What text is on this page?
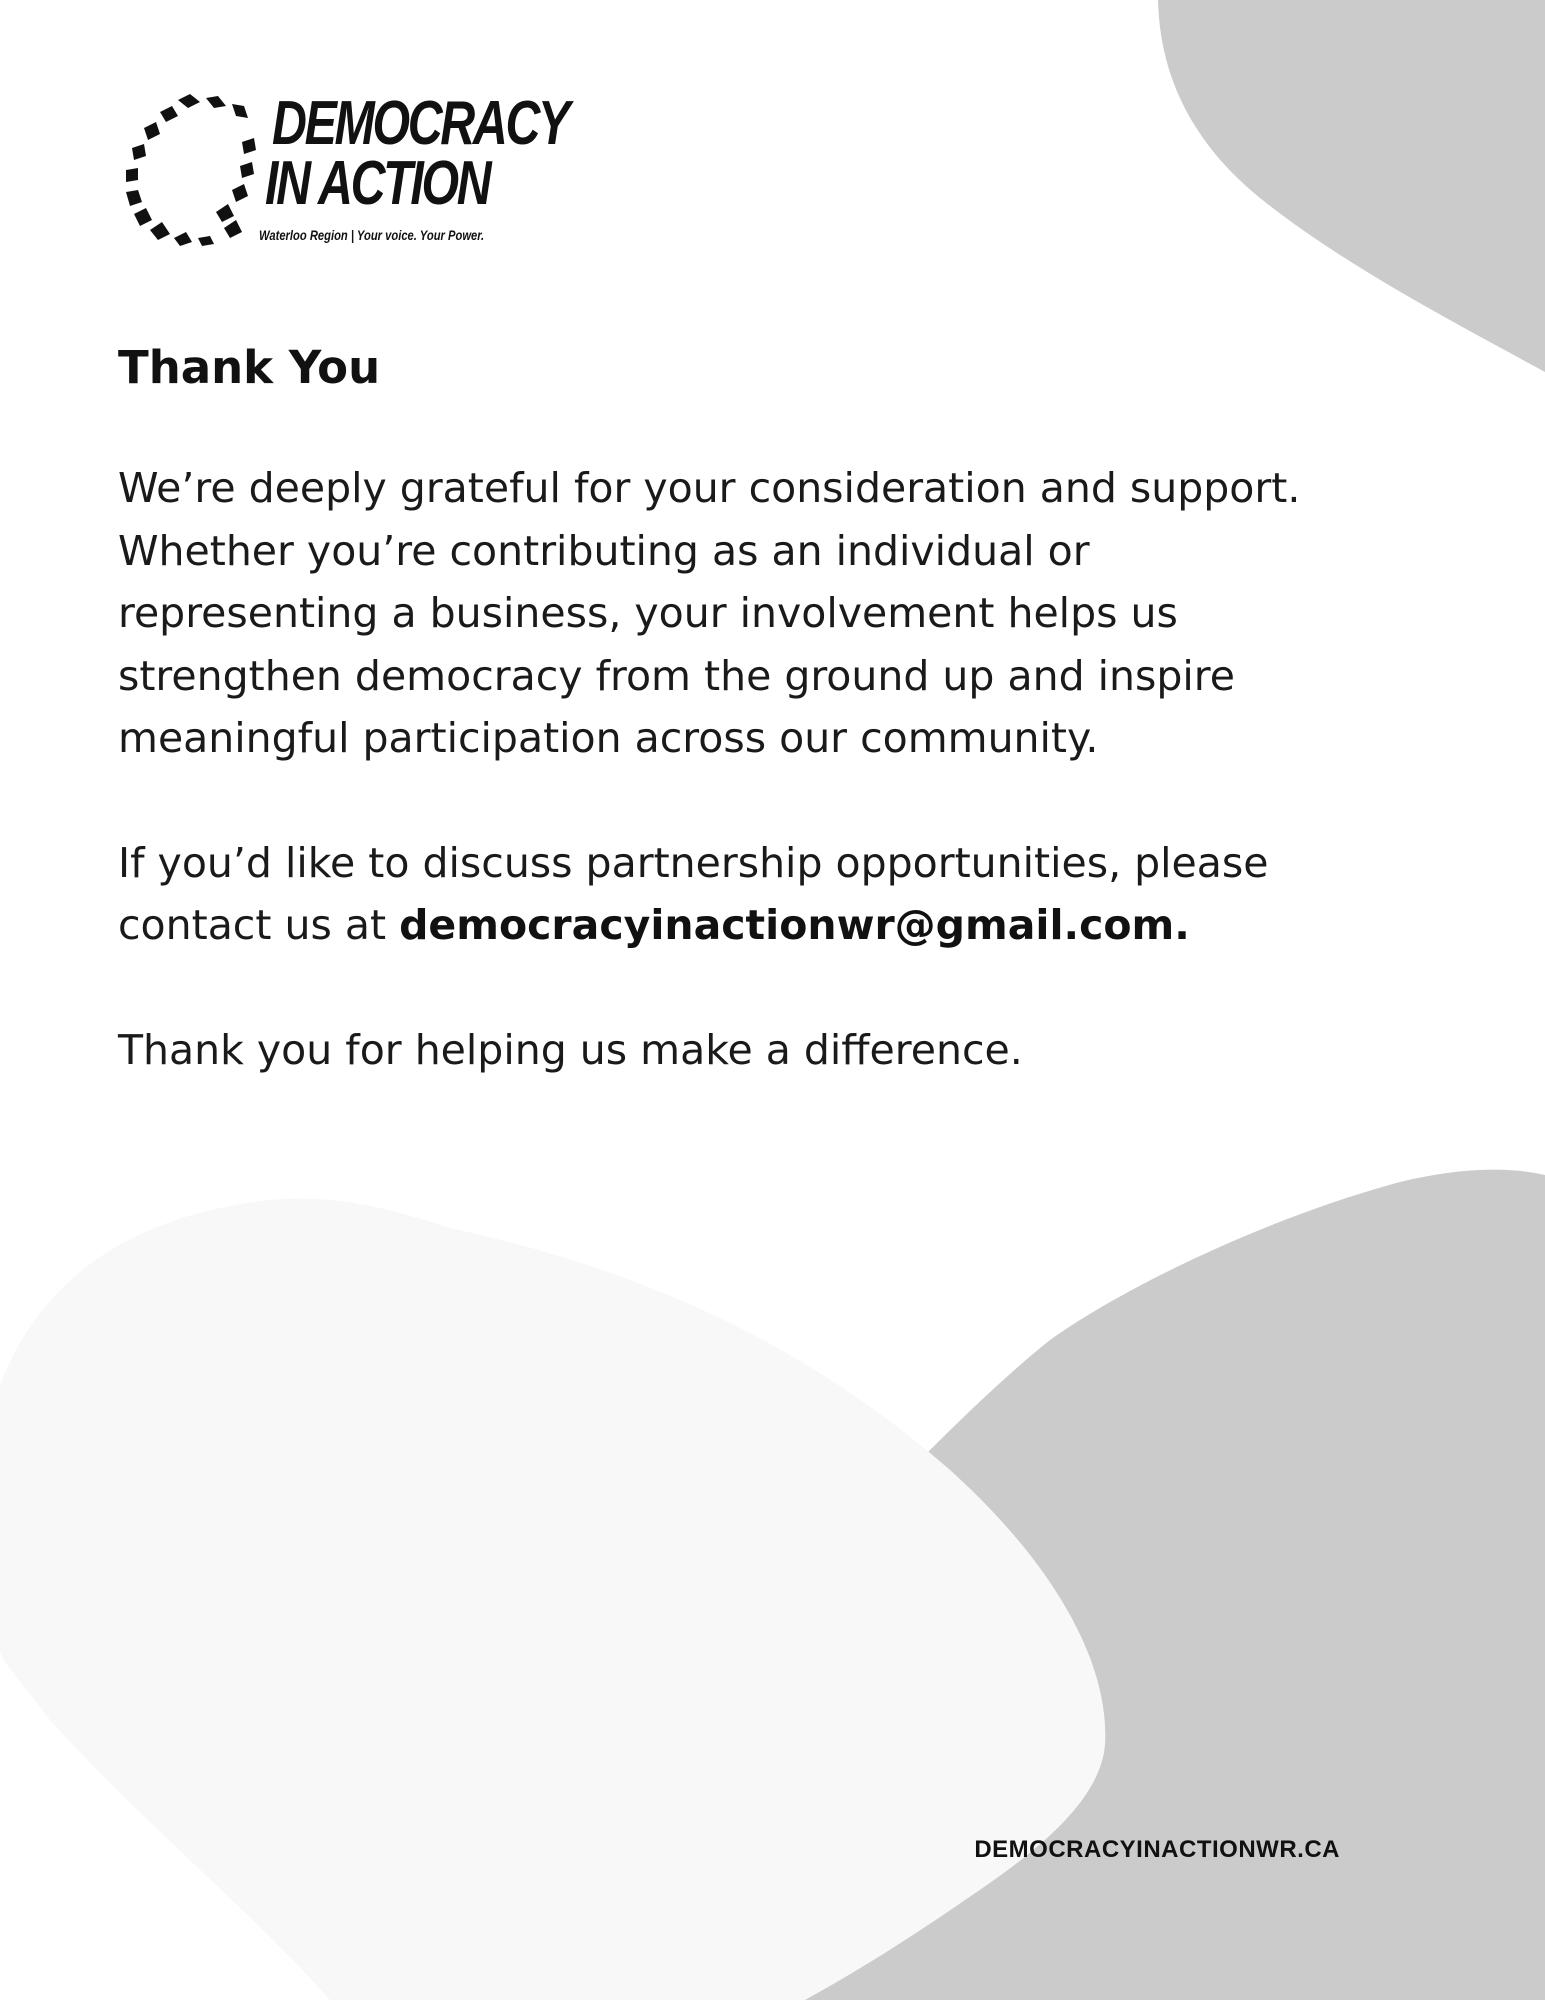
DEMOCRACY
IN ACTION
Waterloo Region | Your voice. Your Power.
Thank You

We’re deeply grateful for your consideration and support.
Whether you’re contributing as an individual or
representing a business, your involvement helps us
strengthen democracy from the ground up and inspire
meaningful participation across our community.

If you’d like to discuss partnership opportunities, please
contact us at democracyinactionwr@gmail.com.

Thank you for helping us make a difference.

DEMOCRACYINACTIONWR.CA
